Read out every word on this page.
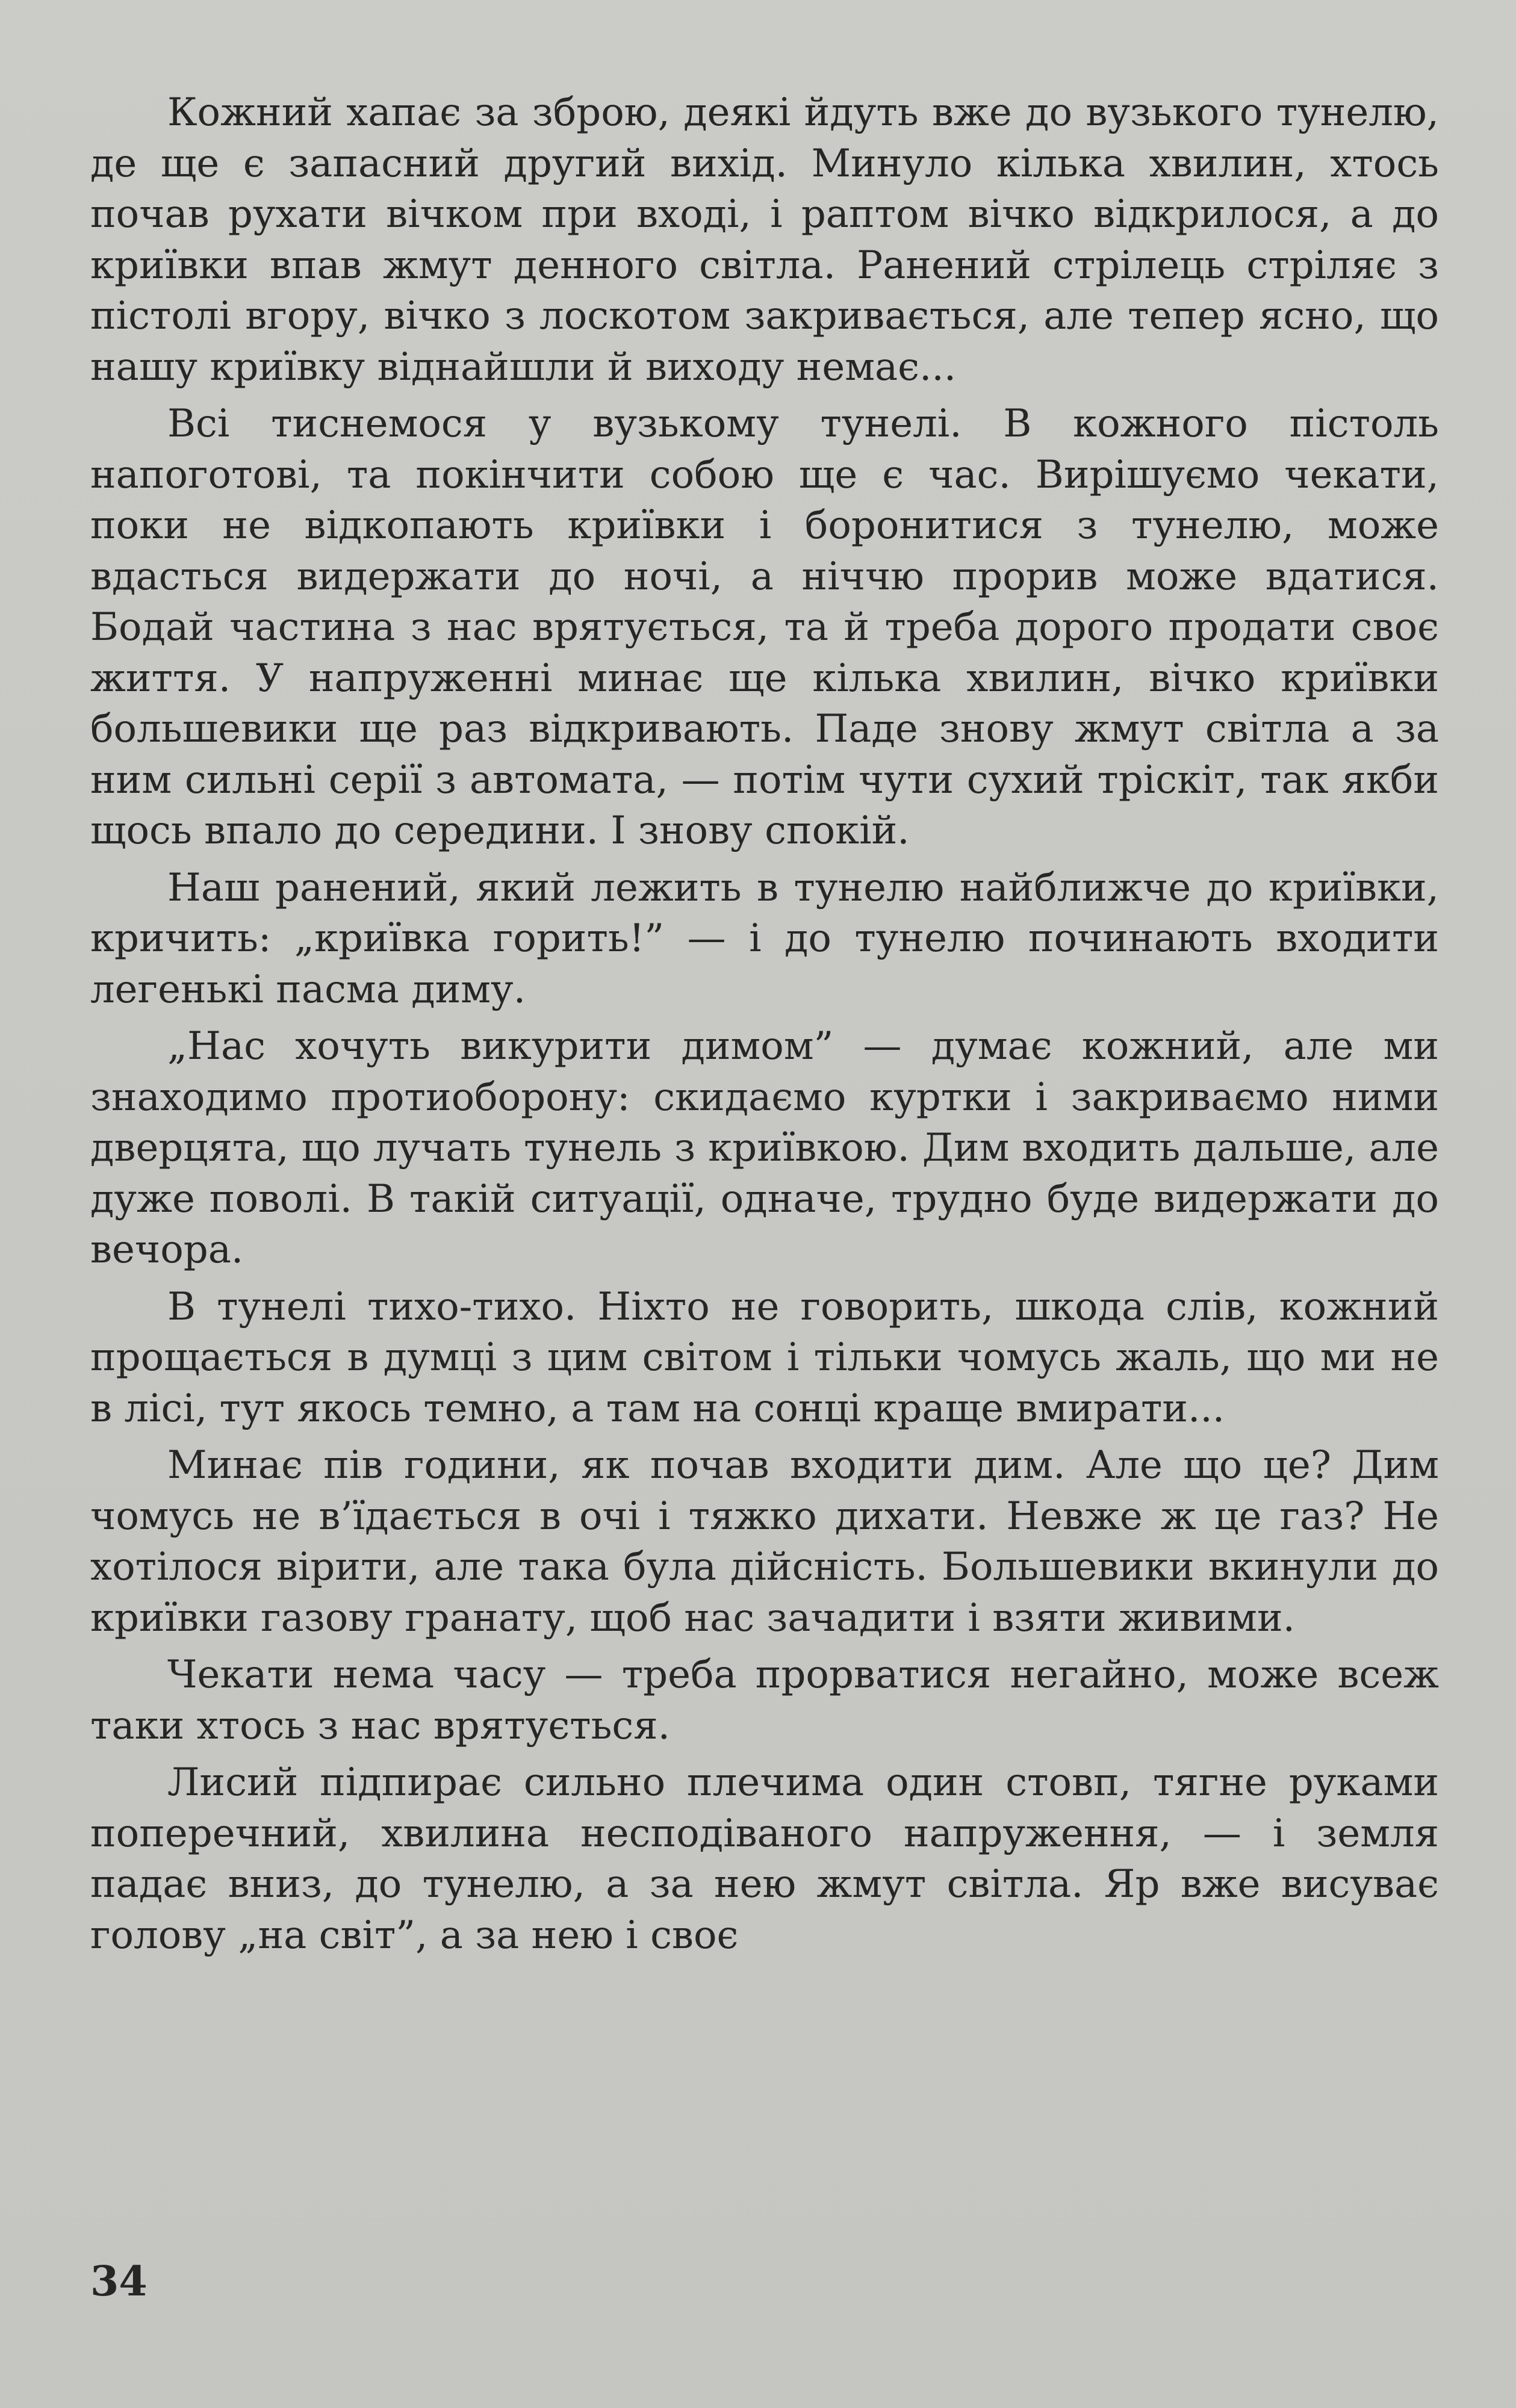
Кожний хапає за зброю, деякі йдуть вже до вузького тунелю, де ще є запасний другий вихід. Минуло кілька хвилин, хтось почав рухати вічком при вході, і раптом вічко відкрилося, а до криївки впав жмут денного світла. Ранений стрілець стріляє з пістолі вгору, вічко з лоскотом закривається, але тепер ясно, що нашу криївку віднайшли й виходу немає...

Всі тиснемося у вузькому тунелі. В кожного пістоль напоготові, та покінчити собою ще є час. Вирішуємо чекати, поки не відкопають криївки і боронитися з тунелю, може вдасться видержати до ночі, а ніччю прорив може вдатися. Бодай частина з нас врятується, та й треба дорого продати своє життя. У напруженні минає ще кілька хвилин, вічко криївки большевики ще раз відкривають. Паде знову жмут світла а за ним сильні серії з автомата, — потім чути сухий тріскіт, так якби щось впало до середини. І знову спокій.

Наш ранений, який лежить в тунелю найближче до криївки, кричить: „криївка горить!” — і до тунелю починають входити легенькі пасма диму.

„Нас хочуть викурити димом” — думає кожний, але ми знаходимо протиоборону: скидаємо куртки і закриваємо ними дверцята, що лучать тунель з криївкою. Дим входить дальше, але дуже поволі. В такій ситуації, одначе, трудно буде видержати до вечора.

В тунелі тихо-тихо. Ніхто не говорить, шкода слів, кожний прощається в думці з цим світом і тільки чомусь жаль, що ми не в лісі, тут якось темно, а там на сонці краще вмирати...

Минає пів години, як почав входити дим. Але що це? Дим чомусь не в’їдається в очі і тяжко дихати. Невже ж це газ? Не хотілося вірити, але така була дійсність. Большевики вкинули до криївки газову гранату, щоб нас зачадити і взяти живими.

Чекати нема часу — треба прорватися негайно, може всеж таки хтось з нас врятується.

Лисий підпирає сильно плечима один стовп, тягне руками поперечний, хвилина несподіваного напруження, — і земля падає вниз, до тунелю, а за нею жмут світла. Яр вже висуває голову „на світ”, а за нею і своє

34
